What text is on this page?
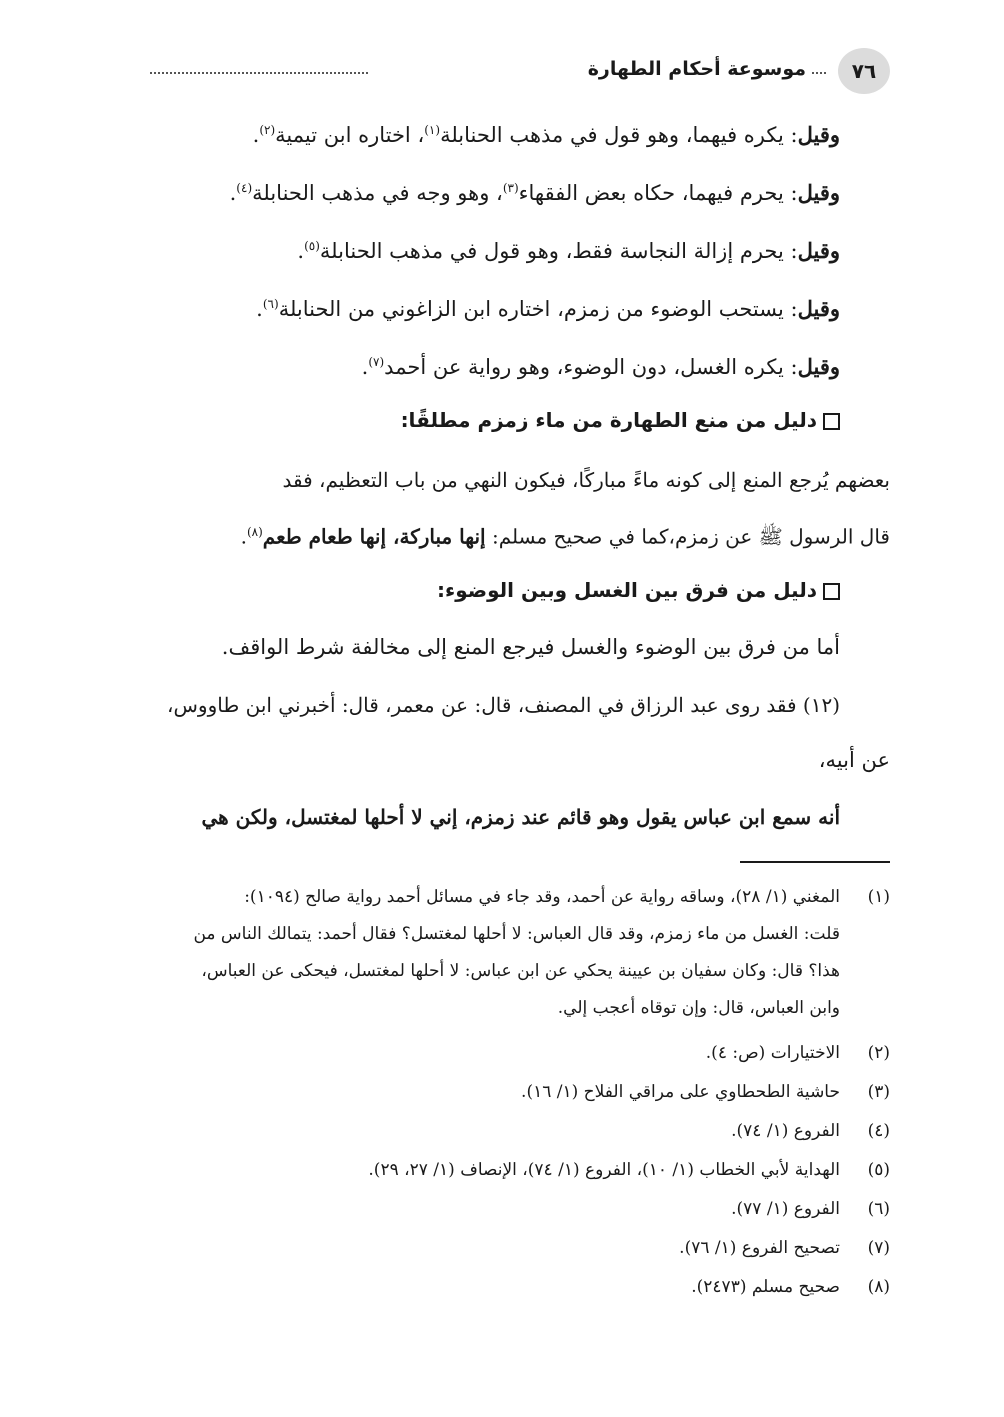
٧٦
موسوعة أحكام الطهارة
وقيل: يكره فيهما، وهو قول في مذهب الحنابلة$^{(١)}$، اختاره ابن تيمية$^{(٢)}$.
وقيل: يحرم فيهما، حكاه بعض الفقهاء$^{(٣)}$، وهو وجه في مذهب الحنابلة$^{(٤)}$.
وقيل: يحرم إزالة النجاسة فقط، وهو قول في مذهب الحنابلة$^{(٥)}$.
وقيل: يستحب الوضوء من زمزم، اختاره ابن الزاغوني من الحنابلة$^{(٦)}$.
وقيل: يكره الغسل، دون الوضوء، وهو رواية عن أحمد$^{(٧)}$.
دليل من منع الطهارة من ماء زمزم مطلقًا:
بعضهم يُرجع المنع إلى كونه ماءً مباركًا، فيكون النهي من باب التعظيم، فقد
قال الرسول ﷺ عن زمزم،كما في صحيح مسلم: إنها مباركة، إنها طعام طعم$^{(٨)}$.
دليل من فرق بين الغسل وبين الوضوء:
أما من فرق بين الوضوء والغسل فيرجع المنع إلى مخالفة شرط الواقف.
(١٢) فقد روى عبد الرزاق في المصنف، قال: عن معمر، قال: أخبرني ابن طاووس،
عن أبيه،
أنه سمع ابن عباس يقول وهو قائم عند زمزم، إني لا أحلها لمغتسل، ولكن هي
(١)المغني (١/ ٢٨)، وساقه رواية عن أحمد، وقد جاء في مسائل أحمد رواية صالح (١٠٩٤):
قلت: الغسل من ماء زمزم، وقد قال العباس: لا أحلها لمغتسل؟ فقال أحمد: يتمالك الناس من
هذا؟ قال: وكان سفيان بن عيينة يحكي عن ابن عباس: لا أحلها لمغتسل، فيحكى عن العباس،
وابن العباس، قال: وإن توقاه أعجب إلي.
(٢)الاختيارات (ص: ٤).
(٣)حاشية الطحطاوي على مراقي الفلاح (١/ ١٦).
(٤)الفروع (١/ ٧٤).
(٥)الهداية لأبي الخطاب (١/ ١٠)، الفروع (١/ ٧٤)، الإنصاف (١/ ٢٧، ٢٩).
(٦)الفروع (١/ ٧٧).
(٧)تصحيح الفروع (١/ ٧٦).
(٨)صحيح مسلم (٢٤٧٣).
